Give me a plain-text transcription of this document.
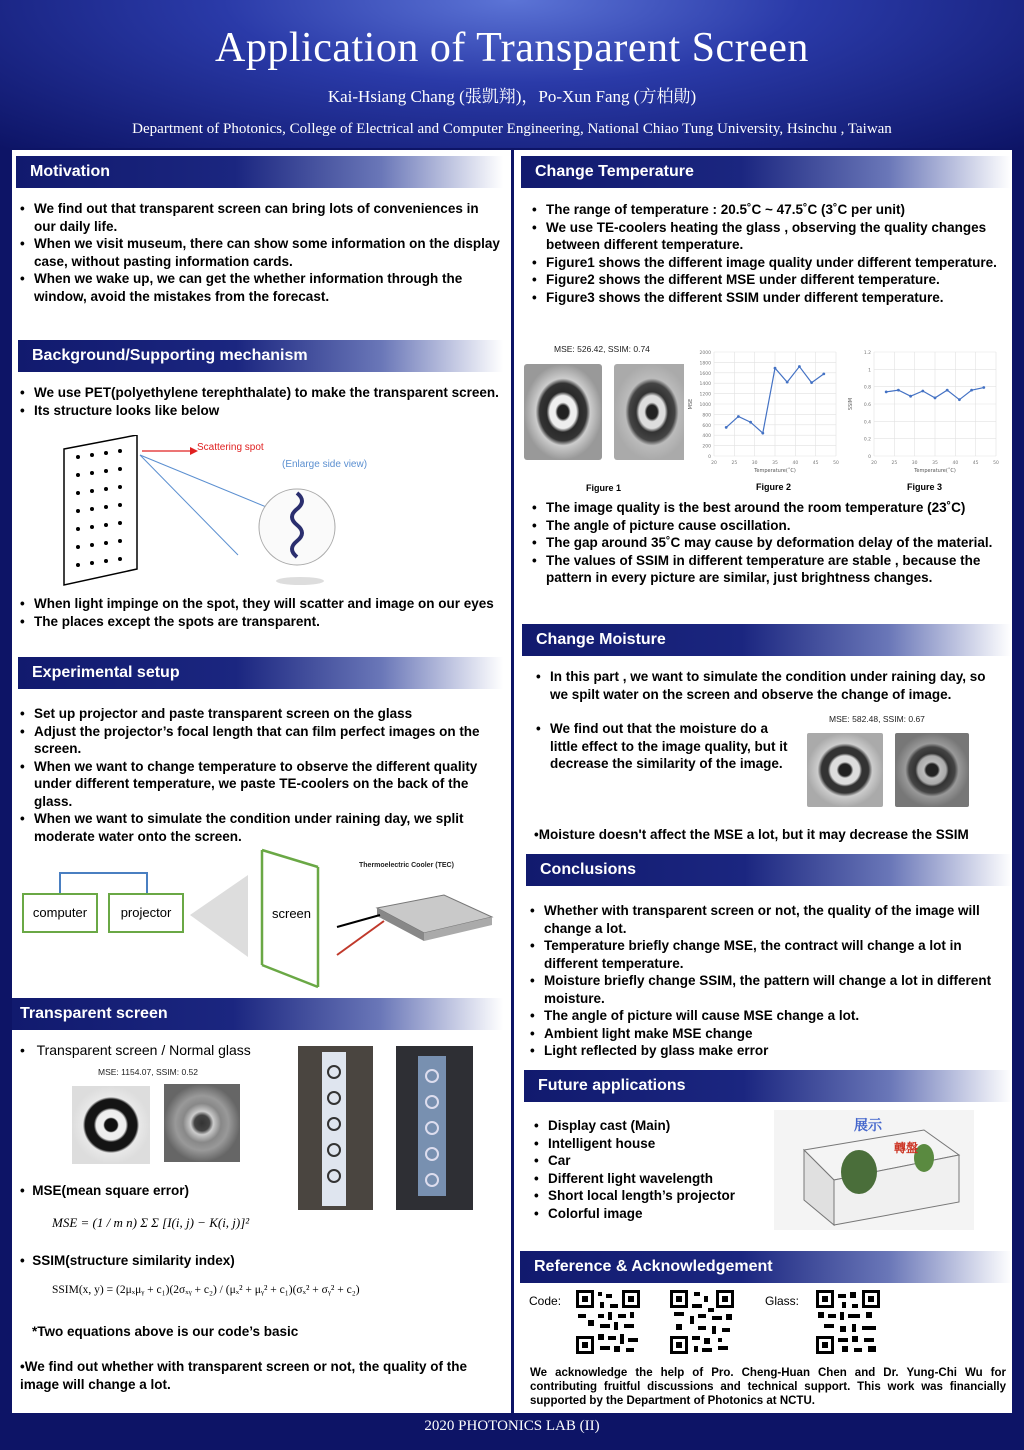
Application of Transparent Screen
Kai-Hsiang Chang (張凱翔)，Po-Xun Fang (方柏勛)
Department of Photonics, College of Electrical and Computer Engineering, National Chiao Tung University, Hsinchu , Taiwan
Motivation
• We find out that transparent screen can bring lots of conveniences in our daily life.
• When we visit museum, there can show some information on the display case, without pasting information cards.
• When we wake up, we can get the whether information through the window, avoid the mistakes from the forecast.
Background/Supporting mechanism
• We use PET(polyethylene terephthalate) to make the transparent screen.
• Its structure looks like below
Scattering spot
(Enlarge side view)
• When light impinge on the spot, they will scatter and image on our eyes
• The places except the spots are transparent.
Experimental setup
• Set up projector and paste transparent screen on the glass
• Adjust the projector’s focal length that can film perfect images on the screen.
• When we want to change temperature to observe the different quality under different temperature, we paste TE-coolers on the back of the glass.
• When we want to simulate the condition under raining day, we split moderate water onto the screen.
Thermoelectric Cooler (TEC)
computer	projector	screen
Transparent screen
•   Transparent screen / Normal glass
MSE: 1154.07, SSIM: 0.52
•  MSE(mean square error)
MSE = (1 / m n) Σ Σ [I(i, j) − K(i, j)]²
•  SSIM(structure similarity index)
SSIM(x, y) = (2μₓμᵧ + c₁)(2σₓᵧ + c₂) / (μₓ² + μᵧ² + c₁)(σₓ² + σᵧ² + c₂)
*Two equations above is our code’s basic
•We find out whether with transparent screen or not, the quality of the image will change a lot.
Change Temperature
• The range of temperature : 20.5˚C ~ 47.5˚C (3˚C per unit)
• We use TE-coolers heating the glass , observing the quality changes between different temperature.
• Figure1 shows the different image quality under different temperature.
• Figure2 shows the different MSE under different temperature.
• Figure3 shows the different SSIM under different temperature.
MSE: 526.42, SSIM: 0.74
0
200
400
600
800
1000
1200
1400
1600
1800
2000
20	25	30	35	40	45	50
Temperature(˚C)
MSE
0
0.2
0.4
0.6
0.8
1
1.2
20	25	30	35	40	45	50
Temperature(˚C)
SSIM
Figure 1	Figure 2	Figure 3
• The image quality is the best around the room temperature (23˚C)
• The angle of picture cause oscillation.
• The gap around 35˚C may cause by deformation delay of the material.
• The values of SSIM in different temperature are stable , because the pattern in every picture are similar, just brightness changes.
Change Moisture
• In this part , we want to simulate the condition under raining day, so we spilt water on the screen and observe the change of image.
• We find out that the moisture do a little effect to the image quality, but it decrease the similarity of the image.
MSE: 582.48, SSIM: 0.67
•Moisture doesn't affect the MSE a lot, but it may decrease the SSIM
Conclusions
• Whether with transparent screen or not, the quality of the image will change a lot.
• Temperature briefly change MSE, the contract will change a lot in different temperature.
• Moisture briefly change SSIM, the pattern will change a lot in different moisture.
• The angle of picture will cause MSE change a lot.
• Ambient light make MSE change
• Light reflected by glass make error
Future applications
• Display cast (Main)
• Intelligent house
• Car
• Different light wavelength
• Short local length’s projector
• Colorful image
展示
轉盤
Reference & Acknowledgement
Code:	Glass:
We acknowledge the help of Pro. Cheng-Huan Chen and Dr. Yung-Chi Wu for contributing fruitful discussions and technical support. This work was financially supported by the Department of Photonics at NCTU.
2020 PHOTONICS LAB (II)
